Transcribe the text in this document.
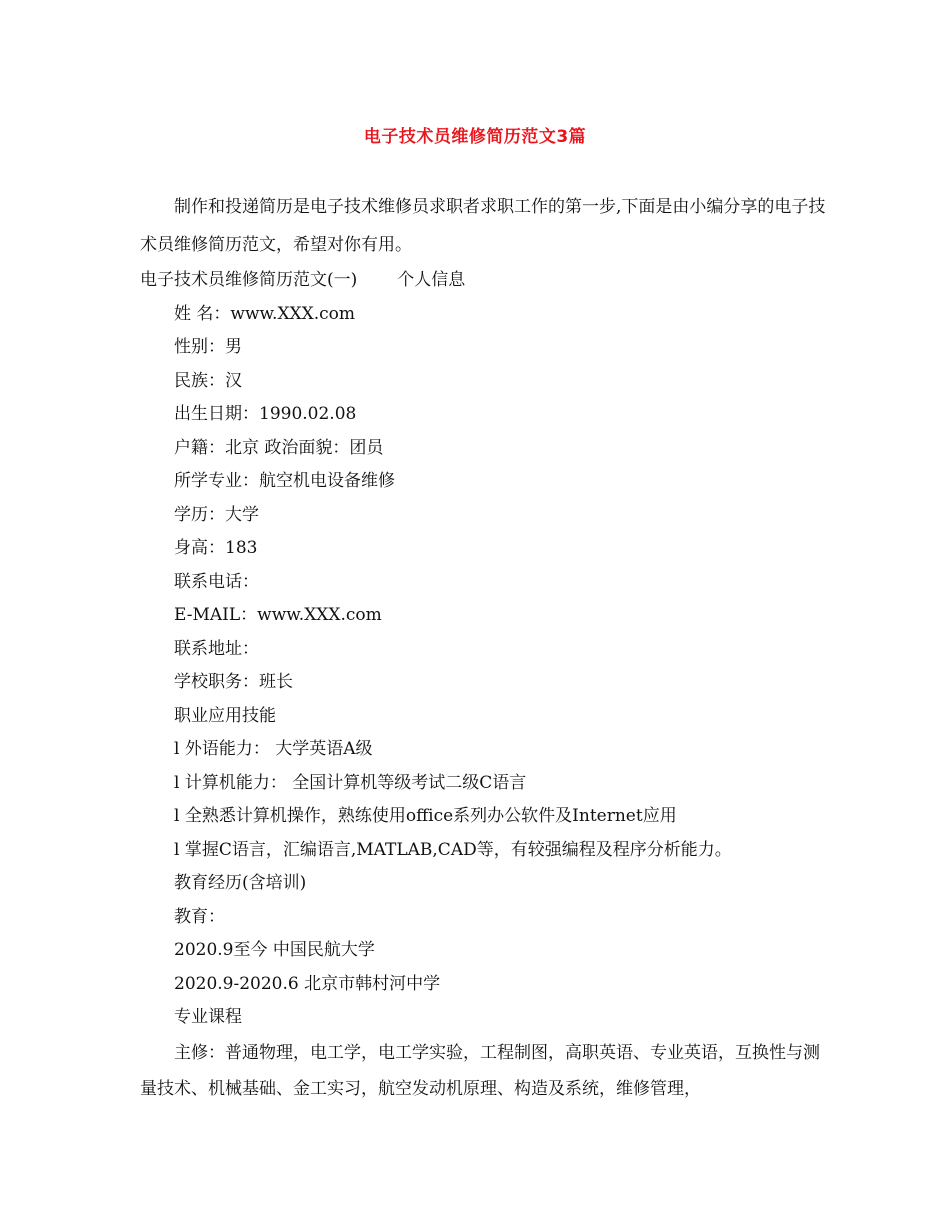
电子技术员维修简历范文3篇
制作和投递简历是电子技术维修员求职者求职工作的第一步,下面是由小编分享的电子技术员维修简历范文，希望对你有用。
电子技术员维修简历范文(一) 个人信息
姓 名：www.XXX.com
性别：男
民族：汉
出生日期：1990.02.08
户籍：北京 政治面貌：团员
所学专业：航空机电设备维修
学历：大学
身高：183
联系电话：
E-MAIL：www.XXX.com
联系地址：
学校职务：班长
职业应用技能
l 外语能力： 大学英语A级
l 计算机能力： 全国计算机等级考试二级C语言
l 全熟悉计算机操作，熟练使用office系列办公软件及Internet应用
l 掌握C语言，汇编语言,MATLAB,CAD等，有较强编程及程序分析能力。
教育经历(含培训)
教育：
2020.9至今 中国民航大学
2020.9-2020.6 北京市韩村河中学
专业课程
主修：普通物理，电工学，电工学实验，工程制图，高职英语、专业英语，互换性与测量技术、机械基础、金工实习，航空发动机原理、构造及系统，维修管理，
